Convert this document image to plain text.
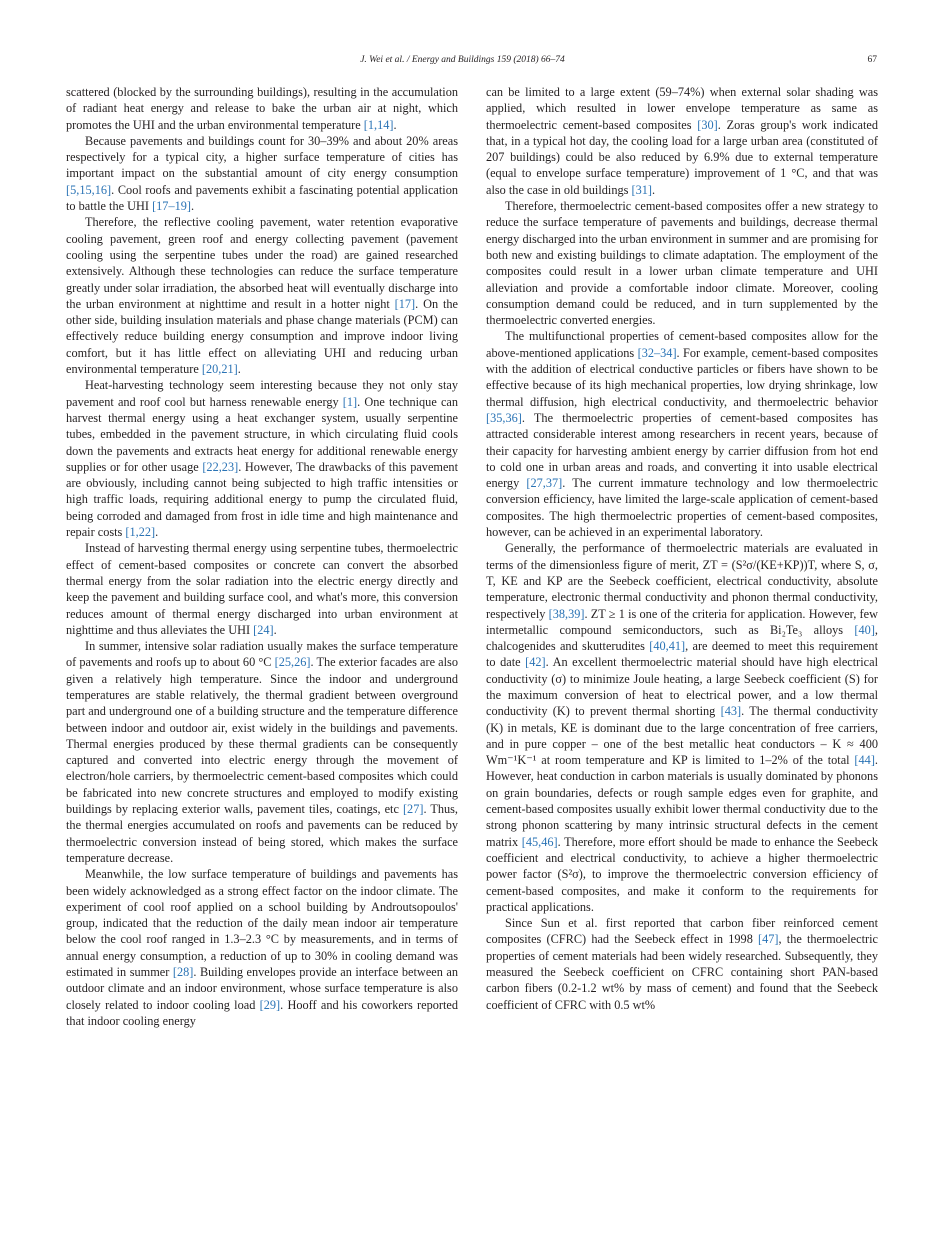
J. Wei et al. / Energy and Buildings 159 (2018) 66–74	67

scattered (blocked by the surrounding buildings), resulting in the accumulation of radiant heat energy and release to bake the urban air at night, which promotes the UHI and the urban environmental temperature [1,14].

Because pavements and buildings count for 30–39% and about 20% areas respectively for a typical city, a higher surface temperature of cities has important impact on the substantial amount of city energy consumption [5,15,16]. Cool roofs and pavements exhibit a fascinating potential application to battle the UHI [17–19].

Therefore, the reflective cooling pavement, water retention evaporative cooling pavement, green roof and energy collecting pavement (pavement cooling using the serpentine tubes under the road) are gained researched extensively. Although these technologies can reduce the surface temperature greatly under solar irradiation, the absorbed heat will eventually discharge into the urban environment at nighttime and result in a hotter night [17]. On the other side, building insulation materials and phase change materials (PCM) can effectively reduce building energy consumption and improve indoor living comfort, but it has little effect on alleviating UHI and reducing urban environmental temperature [20,21].

Heat-harvesting technology seem interesting because they not only stay pavement and roof cool but harness renewable energy [1]. One technique can harvest thermal energy using a heat exchanger system, usually serpentine tubes, embedded in the pavement structure, in which circulating fluid cools down the pavements and extracts heat energy for additional renewable energy supplies or for other usage [22,23]. However, The drawbacks of this pavement are obviously, including cannot being subjected to high traffic intensities or high traffic loads, requiring additional energy to pump the circulated fluid, being corroded and damaged from frost in idle time and high maintenance and repair costs [1,22].

Instead of harvesting thermal energy using serpentine tubes, thermoelectric effect of cement-based composites or concrete can convert the absorbed thermal energy from the solar radiation into the electric energy directly and keep the pavement and building surface cool, and what's more, this conversion reduces amount of thermal energy discharged into urban environment at nighttime and thus alleviates the UHI [24].

In summer, intensive solar radiation usually makes the surface temperature of pavements and roofs up to about 60 °C [25,26]. The exterior facades are also given a relatively high temperature. Since the indoor and underground temperatures are stable relatively, the thermal gradient between overground part and underground one of a building structure and the temperature difference between indoor and outdoor air, exist widely in the buildings and pavements. Thermal energies produced by these thermal gradients can be consequently captured and converted into electric energy through the movement of electron/hole carriers, by thermoelectric cement-based composites which could be fabricated into new concrete structures and employed to modify existing buildings by replacing exterior walls, pavement tiles, coatings, etc [27]. Thus, the thermal energies accumulated on roofs and pavements can be reduced by thermoelectric conversion instead of being stored, which makes the surface temperature decrease.

Meanwhile, the low surface temperature of buildings and pavements has been widely acknowledged as a strong effect factor on the indoor climate. The experiment of cool roof applied on a school building by Androutsopoulos' group, indicated that the reduction of the daily mean indoor air temperature below the cool roof ranged in 1.3–2.3 °C by measurements, and in terms of annual energy consumption, a reduction of up to 30% in cooling demand was estimated in summer [28]. Building envelopes provide an interface between an outdoor climate and an indoor environment, whose surface temperature is also closely related to indoor cooling load [29]. Hooff and his coworkers reported that indoor cooling energy

can be limited to a large extent (59–74%) when external solar shading was applied, which resulted in lower envelope temperature as same as thermoelectric cement-based composites [30]. Zoras group's work indicated that, in a typical hot day, the cooling load for a large urban area (constituted of 207 buildings) could be also reduced by 6.9% due to external temperature (equal to envelope surface temperature) improvement of 1 °C, and that was also the case in old buildings [31].

Therefore, thermoelectric cement-based composites offer a new strategy to reduce the surface temperature of pavements and buildings, decrease thermal energy discharged into the urban environment in summer and are promising for both new and existing buildings to climate adaptation. The employment of the composites could result in a lower urban climate temperature and UHI alleviation and provide a comfortable indoor climate. Moreover, cooling consumption demand could be reduced, and in turn supplemented by the thermoelectric converted energies.

The multifunctional properties of cement-based composites allow for the above-mentioned applications [32–34]. For example, cement-based composites with the addition of electrical conductive particles or fibers have shown to be effective because of its high mechanical properties, low drying shrinkage, low thermal diffusion, high electrical conductivity, and thermoelectric behavior [35,36]. The thermoelectric properties of cement-based composites has attracted considerable interest among researchers in recent years, because of their capacity for harvesting ambient energy by carrier diffusion from hot end to cold one in urban areas and roads, and converting it into usable electrical energy [27,37]. The current immature technology and low thermoelectric conversion efficiency, have limited the large-scale application of cement-based composites. The high thermoelectric properties of cement-based composites, however, can be achieved in an experimental laboratory.

Generally, the performance of thermoelectric materials are evaluated in terms of the dimensionless figure of merit, ZT = (S²σ/(KE+KP))T, where S, σ, T, KE and KP are the Seebeck coefficient, electrical conductivity, absolute temperature, electronic thermal conductivity and phonon thermal conductivity, respectively [38,39]. ZT ≥ 1 is one of the criteria for application. However, few intermetallic compound semiconductors, such as Bi₂Te₃ alloys [40], chalcogenides and skutterudites [40,41], are deemed to meet this requirement to date [42]. An excellent thermoelectric material should have high electrical conductivity (σ) to minimize Joule heating, a large Seebeck coefficient (S) for the maximum conversion of heat to electrical power, and a low thermal conductivity (K) to prevent thermal shorting [43]. The thermal conductivity (K) in metals, KE is dominant due to the large concentration of free carriers, and in pure copper – one of the best metallic heat conductors – K ≈ 400 Wm⁻¹K⁻¹ at room temperature and KP is limited to 1–2% of the total [44]. However, heat conduction in carbon materials is usually dominated by phonons on grain boundaries, defects or rough sample edges even for graphite, and cement-based composites usually exhibit lower thermal conductivity due to the strong phonon scattering by many intrinsic structural defects in the cement matrix [45,46]. Therefore, more effort should be made to enhance the Seebeck coefficient and electrical conductivity, to achieve a higher thermoelectric power factor (S²σ), to improve the thermoelectric conversion efficiency of cement-based composites, and make it conform to the requirements for practical applications.

Since Sun et al. first reported that carbon fiber reinforced cement composites (CFRC) had the Seebeck effect in 1998 [47], the thermoelectric properties of cement materials had been widely researched. Subsequently, they measured the Seebeck coefficient on CFRC containing short PAN-based carbon fibers (0.2-1.2 wt% by mass of cement) and found that the Seebeck coefficient of CFRC with 0.5 wt%
